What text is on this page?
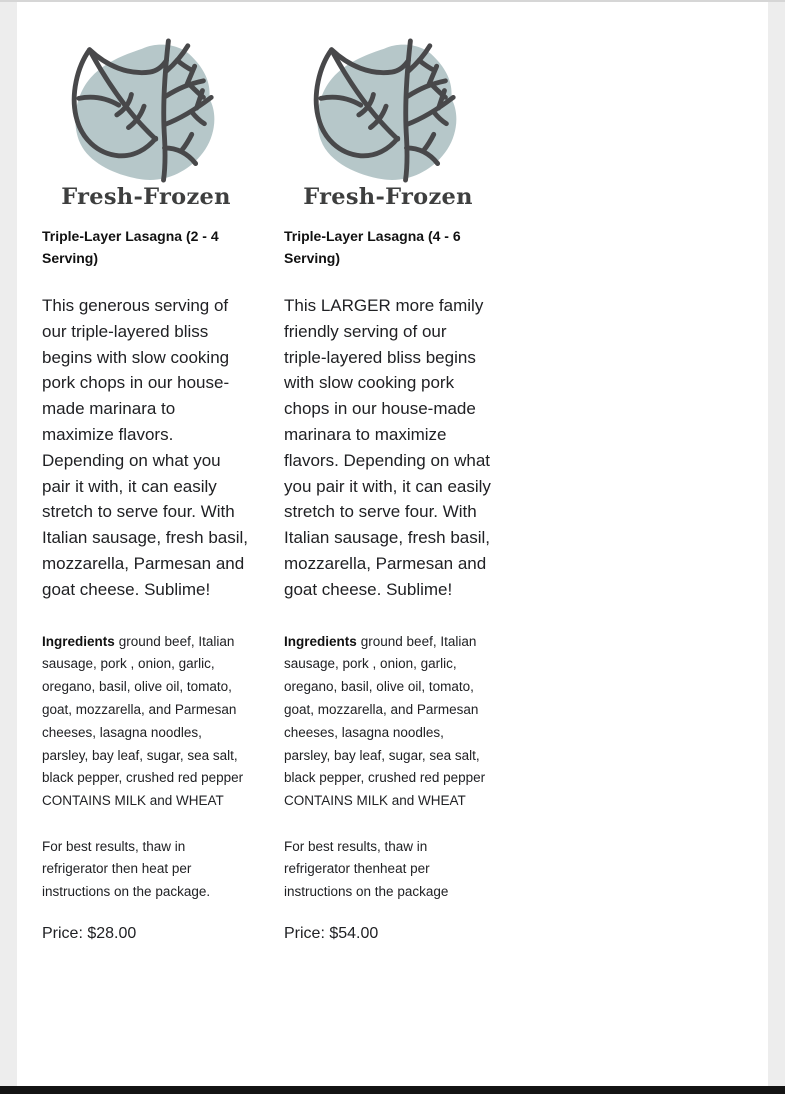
Fresh-Frozen
Triple-Layer Lasagna (2 - 4 Serving)

This generous serving of our triple-layered bliss begins with slow cooking pork chops in our house-made marinara to maximize flavors. Depending on what you pair it with, it can easily stretch to serve four. With Italian sausage, fresh basil, mozzarella, Parmesan and goat cheese. Sublime!

Ingredients ground beef, Italian sausage, pork , onion, garlic, oregano, basil, olive oil, tomato, goat, mozzarella, and Parmesan cheeses, lasagna noodles, parsley, bay leaf, sugar, sea salt, black pepper, crushed red pepper CONTAINS MILK and WHEAT

For best results, thaw in refrigerator then heat per instructions on the package.

Price: $28.00

Fresh-Frozen
Triple-Layer Lasagna (4 - 6 Serving)

This LARGER more family friendly serving of our triple-layered bliss begins with slow cooking pork chops in our house-made marinara to maximize flavors. Depending on what you pair it with, it can easily stretch to serve four. With Italian sausage, fresh basil, mozzarella, Parmesan and goat cheese. Sublime!

Ingredients ground beef, Italian sausage, pork , onion, garlic, oregano, basil, olive oil, tomato, goat, mozzarella, and Parmesan cheeses, lasagna noodles, parsley, bay leaf, sugar, sea salt, black pepper, crushed red pepper CONTAINS MILK and WHEAT

For best results, thaw in refrigerator thenheat per instructions on the package

Price: $54.00
